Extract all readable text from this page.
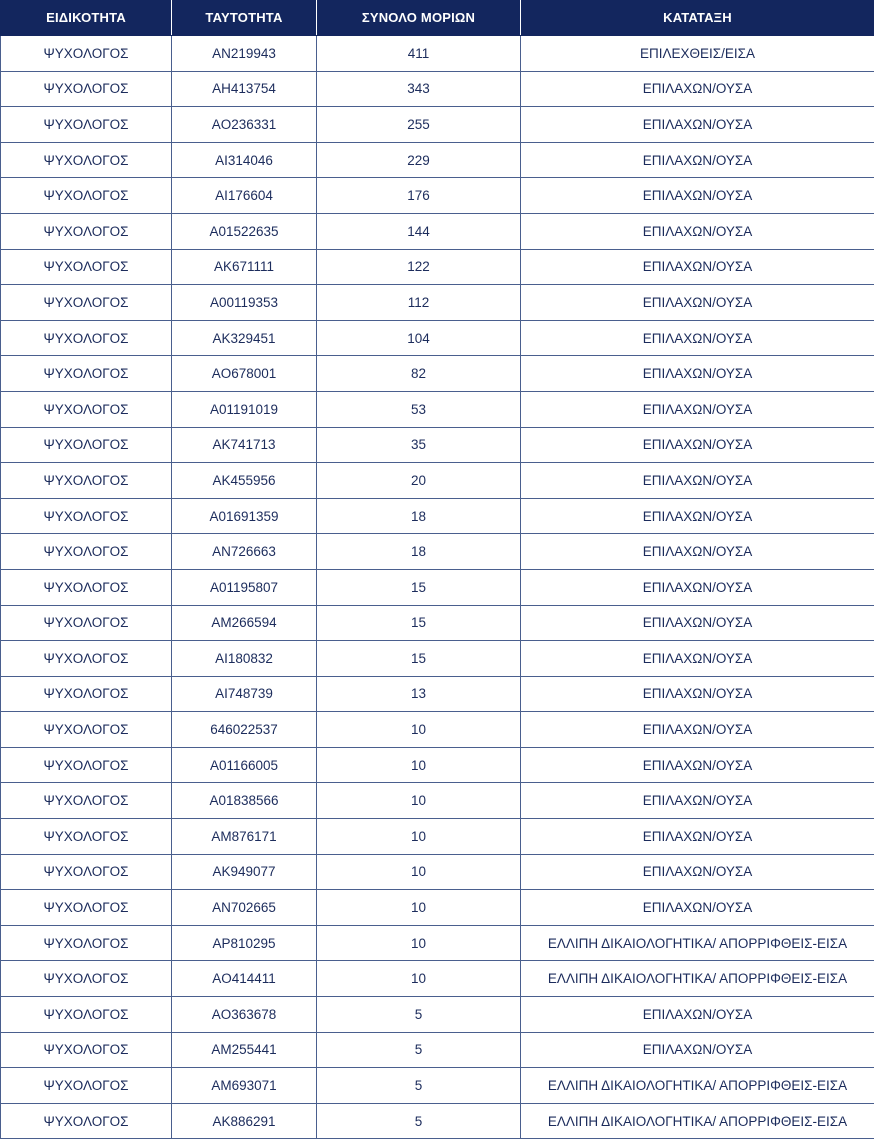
ΕΙΔΙΚΟΤΗΤΑ	ΤΑΥΤΟΤΗΤΑ	ΣΥΝΟΛΟ ΜΟΡΙΩΝ	ΚΑΤΑΤΑΞΗ
ΨΥΧΟΛΟΓΟΣ	AN219943	411	ΕΠΙΛΕΧΘΕΙΣ/ΕΙΣΑ
ΨΥΧΟΛΟΓΟΣ	AH413754	343	ΕΠΙΛΑΧΩΝ/ΟΥΣΑ
ΨΥΧΟΛΟΓΟΣ	AO236331	255	ΕΠΙΛΑΧΩΝ/ΟΥΣΑ
ΨΥΧΟΛΟΓΟΣ	AI314046	229	ΕΠΙΛΑΧΩΝ/ΟΥΣΑ
ΨΥΧΟΛΟΓΟΣ	AI176604	176	ΕΠΙΛΑΧΩΝ/ΟΥΣΑ
ΨΥΧΟΛΟΓΟΣ	A01522635	144	ΕΠΙΛΑΧΩΝ/ΟΥΣΑ
ΨΥΧΟΛΟΓΟΣ	AK671111	122	ΕΠΙΛΑΧΩΝ/ΟΥΣΑ
ΨΥΧΟΛΟΓΟΣ	A00119353	112	ΕΠΙΛΑΧΩΝ/ΟΥΣΑ
ΨΥΧΟΛΟΓΟΣ	AK329451	104	ΕΠΙΛΑΧΩΝ/ΟΥΣΑ
ΨΥΧΟΛΟΓΟΣ	AO678001	82	ΕΠΙΛΑΧΩΝ/ΟΥΣΑ
ΨΥΧΟΛΟΓΟΣ	A01191019	53	ΕΠΙΛΑΧΩΝ/ΟΥΣΑ
ΨΥΧΟΛΟΓΟΣ	AK741713	35	ΕΠΙΛΑΧΩΝ/ΟΥΣΑ
ΨΥΧΟΛΟΓΟΣ	AK455956	20	ΕΠΙΛΑΧΩΝ/ΟΥΣΑ
ΨΥΧΟΛΟΓΟΣ	A01691359	18	ΕΠΙΛΑΧΩΝ/ΟΥΣΑ
ΨΥΧΟΛΟΓΟΣ	AN726663	18	ΕΠΙΛΑΧΩΝ/ΟΥΣΑ
ΨΥΧΟΛΟΓΟΣ	A01195807	15	ΕΠΙΛΑΧΩΝ/ΟΥΣΑ
ΨΥΧΟΛΟΓΟΣ	AM266594	15	ΕΠΙΛΑΧΩΝ/ΟΥΣΑ
ΨΥΧΟΛΟΓΟΣ	AI180832	15	ΕΠΙΛΑΧΩΝ/ΟΥΣΑ
ΨΥΧΟΛΟΓΟΣ	AI748739	13	ΕΠΙΛΑΧΩΝ/ΟΥΣΑ
ΨΥΧΟΛΟΓΟΣ	646022537	10	ΕΠΙΛΑΧΩΝ/ΟΥΣΑ
ΨΥΧΟΛΟΓΟΣ	A01166005	10	ΕΠΙΛΑΧΩΝ/ΟΥΣΑ
ΨΥΧΟΛΟΓΟΣ	A01838566	10	ΕΠΙΛΑΧΩΝ/ΟΥΣΑ
ΨΥΧΟΛΟΓΟΣ	AM876171	10	ΕΠΙΛΑΧΩΝ/ΟΥΣΑ
ΨΥΧΟΛΟΓΟΣ	AK949077	10	ΕΠΙΛΑΧΩΝ/ΟΥΣΑ
ΨΥΧΟΛΟΓΟΣ	AN702665	10	ΕΠΙΛΑΧΩΝ/ΟΥΣΑ
ΨΥΧΟΛΟΓΟΣ	AP810295	10	ΕΛΛΙΠΗ ΔΙΚΑΙΟΛΟΓΗΤΙΚΑ/ ΑΠΟΡΡΙΦΘΕΙΣ-ΕΙΣΑ
ΨΥΧΟΛΟΓΟΣ	AO414411	10	ΕΛΛΙΠΗ ΔΙΚΑΙΟΛΟΓΗΤΙΚΑ/ ΑΠΟΡΡΙΦΘΕΙΣ-ΕΙΣΑ
ΨΥΧΟΛΟΓΟΣ	AO363678	5	ΕΠΙΛΑΧΩΝ/ΟΥΣΑ
ΨΥΧΟΛΟΓΟΣ	AM255441	5	ΕΠΙΛΑΧΩΝ/ΟΥΣΑ
ΨΥΧΟΛΟΓΟΣ	AM693071	5	ΕΛΛΙΠΗ ΔΙΚΑΙΟΛΟΓΗΤΙΚΑ/ ΑΠΟΡΡΙΦΘΕΙΣ-ΕΙΣΑ
ΨΥΧΟΛΟΓΟΣ	AK886291	5	ΕΛΛΙΠΗ ΔΙΚΑΙΟΛΟΓΗΤΙΚΑ/ ΑΠΟΡΡΙΦΘΕΙΣ-ΕΙΣΑ
